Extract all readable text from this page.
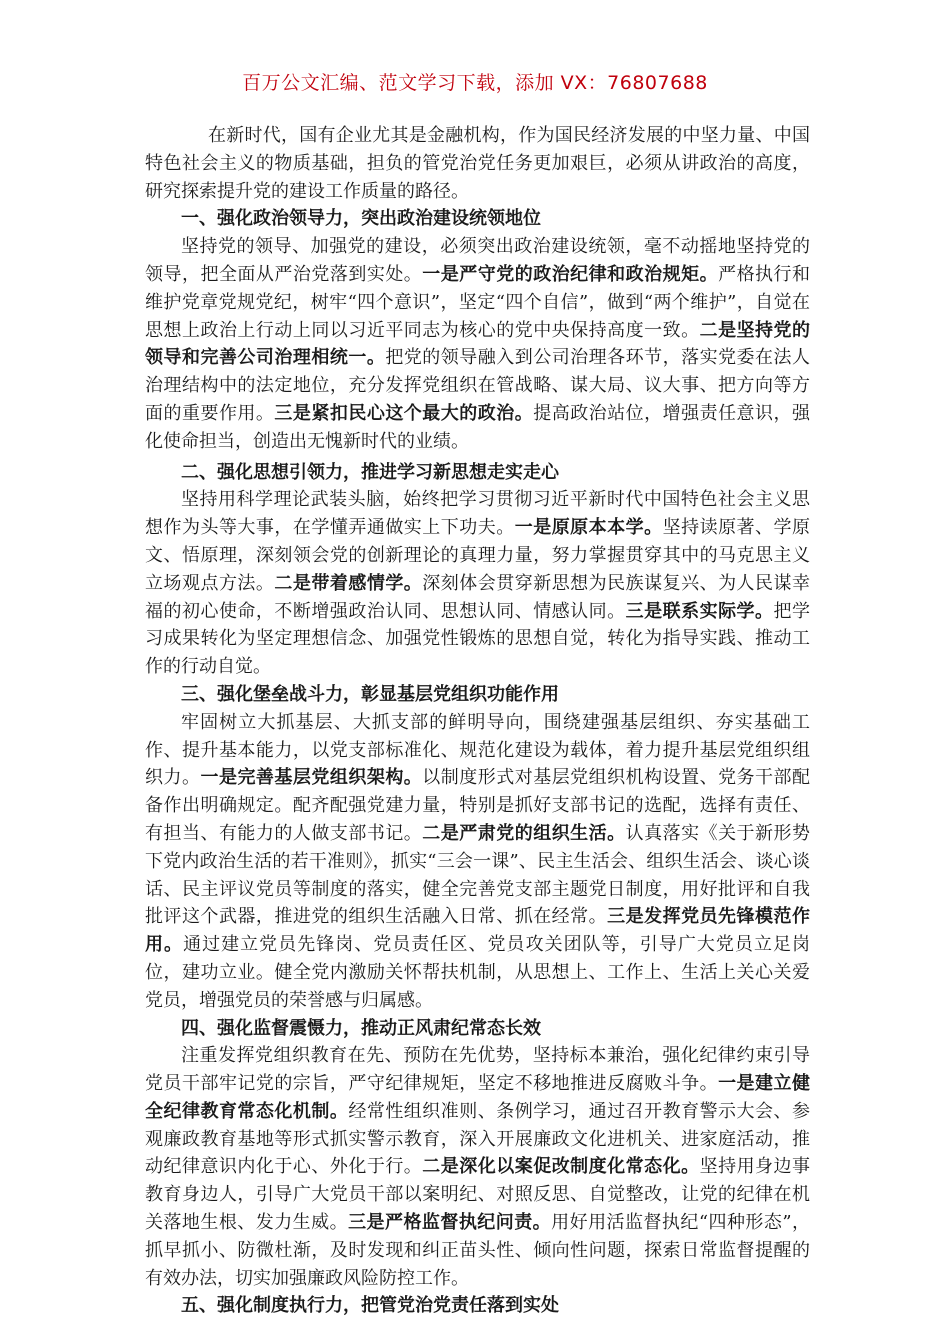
百万公文汇编、范文学习下载，添加 VX：76807688

在新时代，国有企业尤其是金融机构，作为国民经济发展的中坚力量、中国特色社会主义的物质基础，担负的管党治党任务更加艰巨，必须从讲政治的高度，研究探索提升党的建设工作质量的路径。

一、强化政治领导力，突出政治建设统领地位

坚持党的领导、加强党的建设，必须突出政治建设统领，毫不动摇地坚持党的领导，把全面从严治党落到实处。一是严守党的政治纪律和政治规矩。严格执行和维护党章党规党纪，树牢“四个意识”，坚定“四个自信”，做到“两个维护”，自觉在思想上政治上行动上同以习近平同志为核心的党中央保持高度一致。二是坚持党的领导和完善公司治理相统一。把党的领导融入到公司治理各环节，落实党委在法人治理结构中的法定地位，充分发挥党组织在管战略、谋大局、议大事、把方向等方面的重要作用。三是紧扣民心这个最大的政治。提高政治站位，增强责任意识，强化使命担当，创造出无愧新时代的业绩。

二、强化思想引领力，推进学习新思想走实走心

坚持用科学理论武装头脑，始终把学习贯彻习近平新时代中国特色社会主义思想作为头等大事，在学懂弄通做实上下功夫。一是原原本本学。坚持读原著、学原文、悟原理，深刻领会党的创新理论的真理力量，努力掌握贯穿其中的马克思主义立场观点方法。二是带着感情学。深刻体会贯穿新思想为民族谋复兴、为人民谋幸福的初心使命，不断增强政治认同、思想认同、情感认同。三是联系实际学。把学习成果转化为坚定理想信念、加强党性锻炼的思想自觉，转化为指导实践、推动工作的行动自觉。

三、强化堡垒战斗力，彰显基层党组织功能作用

牢固树立大抓基层、大抓支部的鲜明导向，围绕建强基层组织、夯实基础工作、提升基本能力，以党支部标准化、规范化建设为载体，着力提升基层党组织组织力。一是完善基层党组织架构。以制度形式对基层党组织机构设置、党务干部配备作出明确规定。配齐配强党建力量，特别是抓好支部书记的选配，选择有责任、有担当、有能力的人做支部书记。二是严肃党的组织生活。认真落实《关于新形势下党内政治生活的若干准则》，抓实“三会一课”、民主生活会、组织生活会、谈心谈话、民主评议党员等制度的落实，健全完善党支部主题党日制度，用好批评和自我批评这个武器，推进党的组织生活融入日常、抓在经常。三是发挥党员先锋模范作用。通过建立党员先锋岗、党员责任区、党员攻关团队等，引导广大党员立足岗位，建功立业。健全党内激励关怀帮扶机制，从思想上、工作上、生活上关心关爱党员，增强党员的荣誉感与归属感。

四、强化监督震慑力，推动正风肃纪常态长效

注重发挥党组织教育在先、预防在先优势，坚持标本兼治，强化纪律约束引导党员干部牢记党的宗旨，严守纪律规矩，坚定不移地推进反腐败斗争。一是建立健全纪律教育常态化机制。经常性组织准则、条例学习，通过召开教育警示大会、参观廉政教育基地等形式抓实警示教育，深入开展廉政文化进机关、进家庭活动，推动纪律意识内化于心、外化于行。二是深化以案促改制度化常态化。坚持用身边事教育身边人，引导广大党员干部以案明纪、对照反思、自觉整改，让党的纪律在机关落地生根、发力生威。三是严格监督执纪问责。用好用活监督执纪“四种形态”，抓早抓小、防微杜渐，及时发现和纠正苗头性、倾向性问题，探索日常监督提醒的有效办法，切实加强廉政风险防控工作。

五、强化制度执行力，把管党治党责任落到实处
